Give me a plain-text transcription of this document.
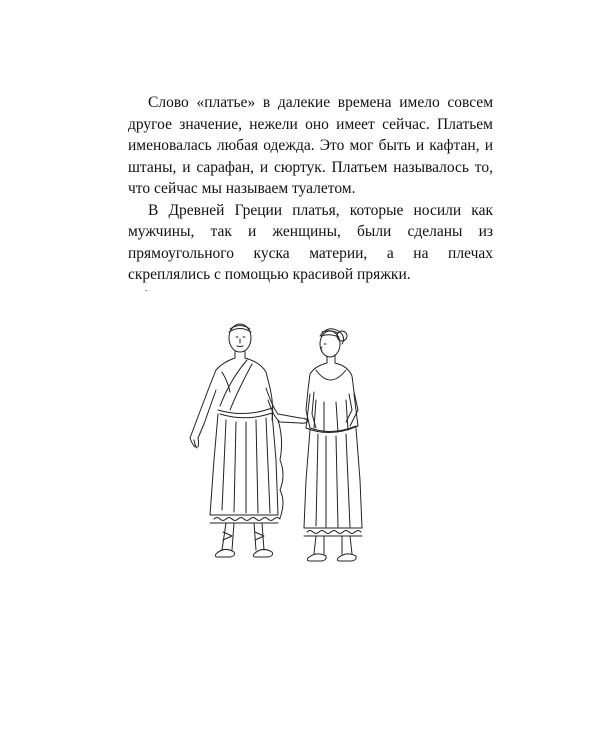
Слово «платье» в далекие времена имело совсем другое значение, нежели оно имеет сейчас. Платьем именовалась любая одежда. Это мог быть и кафтан, и штаны, и сарафан, и сюртук. Платьем называлось то, что сейчас мы называем туалетом.

В Древней Греции платья, которые носили как мужчины, так и женщины, были сделаны из прямоугольного куска материи, а на плечах скреплялись с помощью красивой пряжки.
